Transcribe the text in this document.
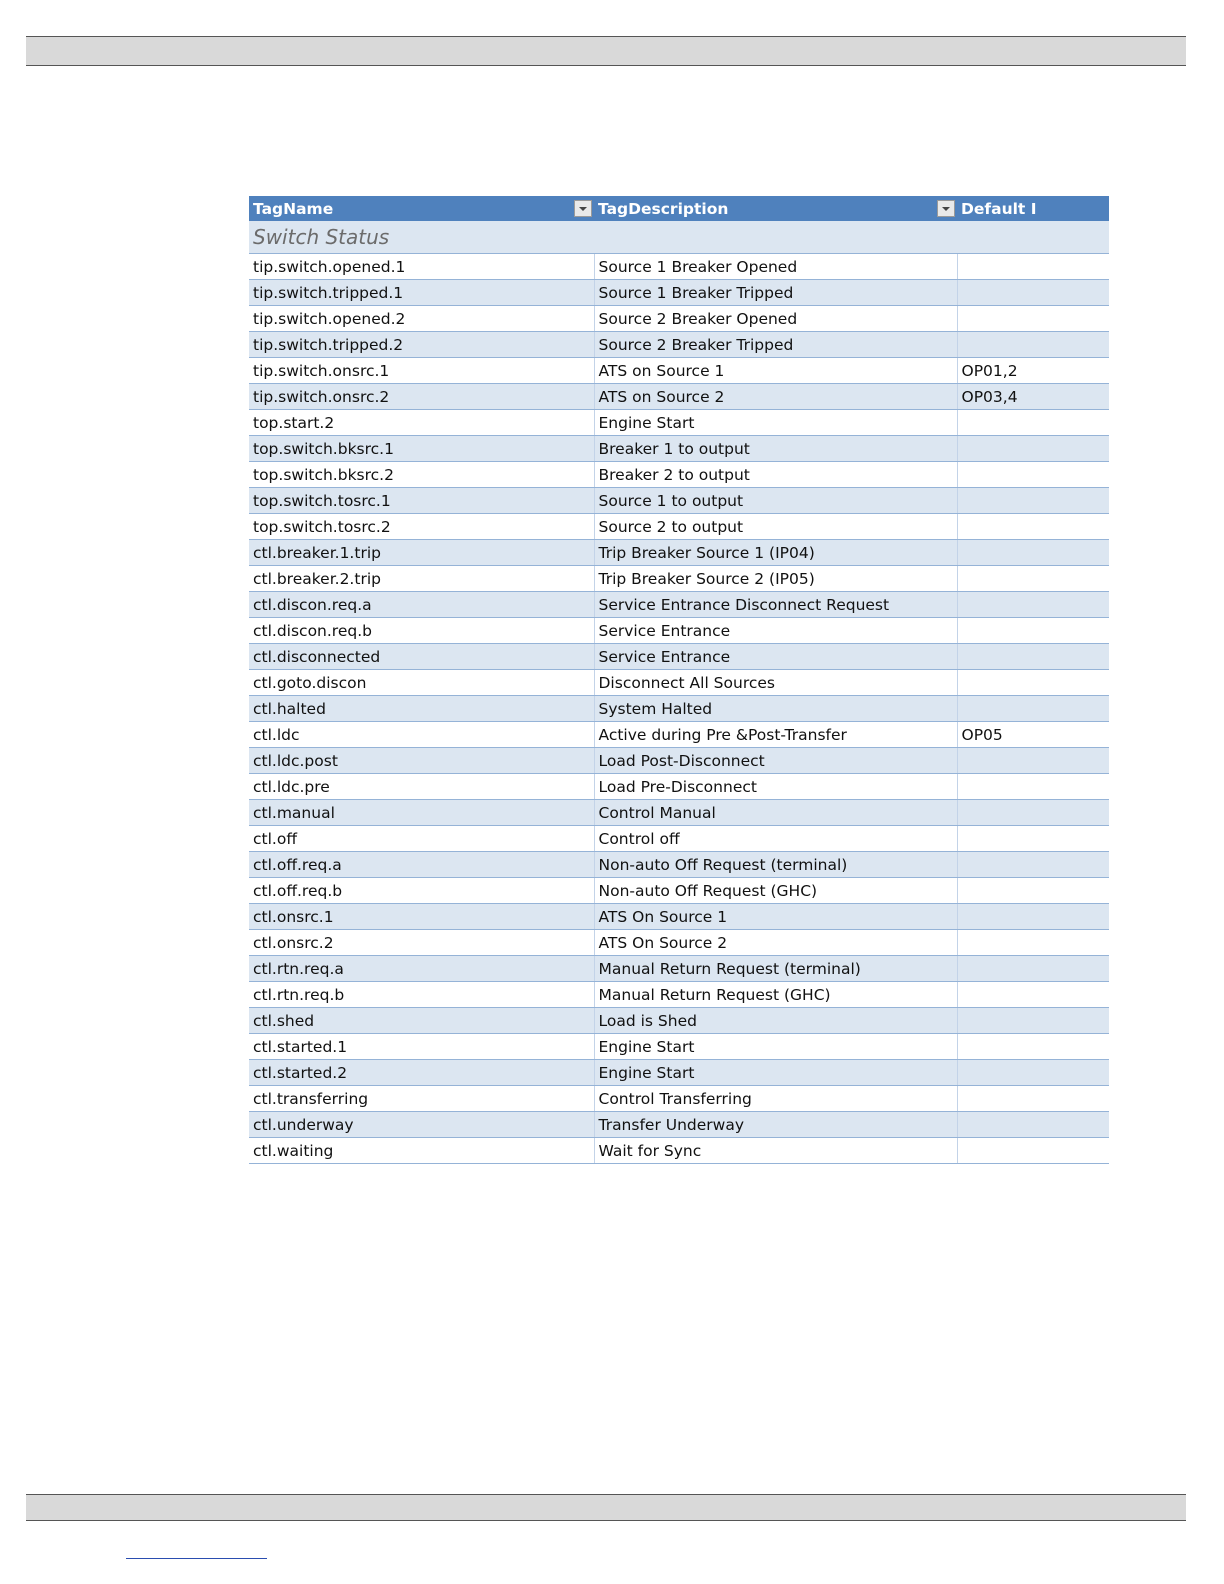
TagName	TagDescription	Default I
Switch Status		
tip.switch.opened.1	Source 1 Breaker Opened	
tip.switch.tripped.1	Source 1 Breaker Tripped	
tip.switch.opened.2	Source 2 Breaker Opened	
tip.switch.tripped.2	Source 2 Breaker Tripped	
tip.switch.onsrc.1	ATS on Source 1	OP01,2
tip.switch.onsrc.2	ATS on Source 2	OP03,4
top.start.2	Engine Start	
top.switch.bksrc.1	Breaker 1 to output	
top.switch.bksrc.2	Breaker 2 to output	
top.switch.tosrc.1	Source 1 to output	
top.switch.tosrc.2	Source 2 to output	
ctl.breaker.1.trip	Trip Breaker Source 1 (IP04)	
ctl.breaker.2.trip	Trip Breaker Source 2 (IP05)	
ctl.discon.req.a	Service Entrance Disconnect Request	
ctl.discon.req.b	Service Entrance	
ctl.disconnected	Service Entrance	
ctl.goto.discon	Disconnect All Sources	
ctl.halted	System Halted	
ctl.ldc	Active during Pre &Post-Transfer	OP05
ctl.ldc.post	Load Post-Disconnect	
ctl.ldc.pre	Load Pre-Disconnect	
ctl.manual	Control Manual	
ctl.off	Control off	
ctl.off.req.a	Non-auto Off Request (terminal)	
ctl.off.req.b	Non-auto Off Request (GHC)	
ctl.onsrc.1	ATS On Source 1	
ctl.onsrc.2	ATS On Source 2	
ctl.rtn.req.a	Manual Return Request (terminal)	
ctl.rtn.req.b	Manual Return Request (GHC)	
ctl.shed	Load is Shed	
ctl.started.1	Engine Start	
ctl.started.2	Engine Start	
ctl.transferring	Control Transferring	
ctl.underway	Transfer Underway	
ctl.waiting	Wait for Sync	
